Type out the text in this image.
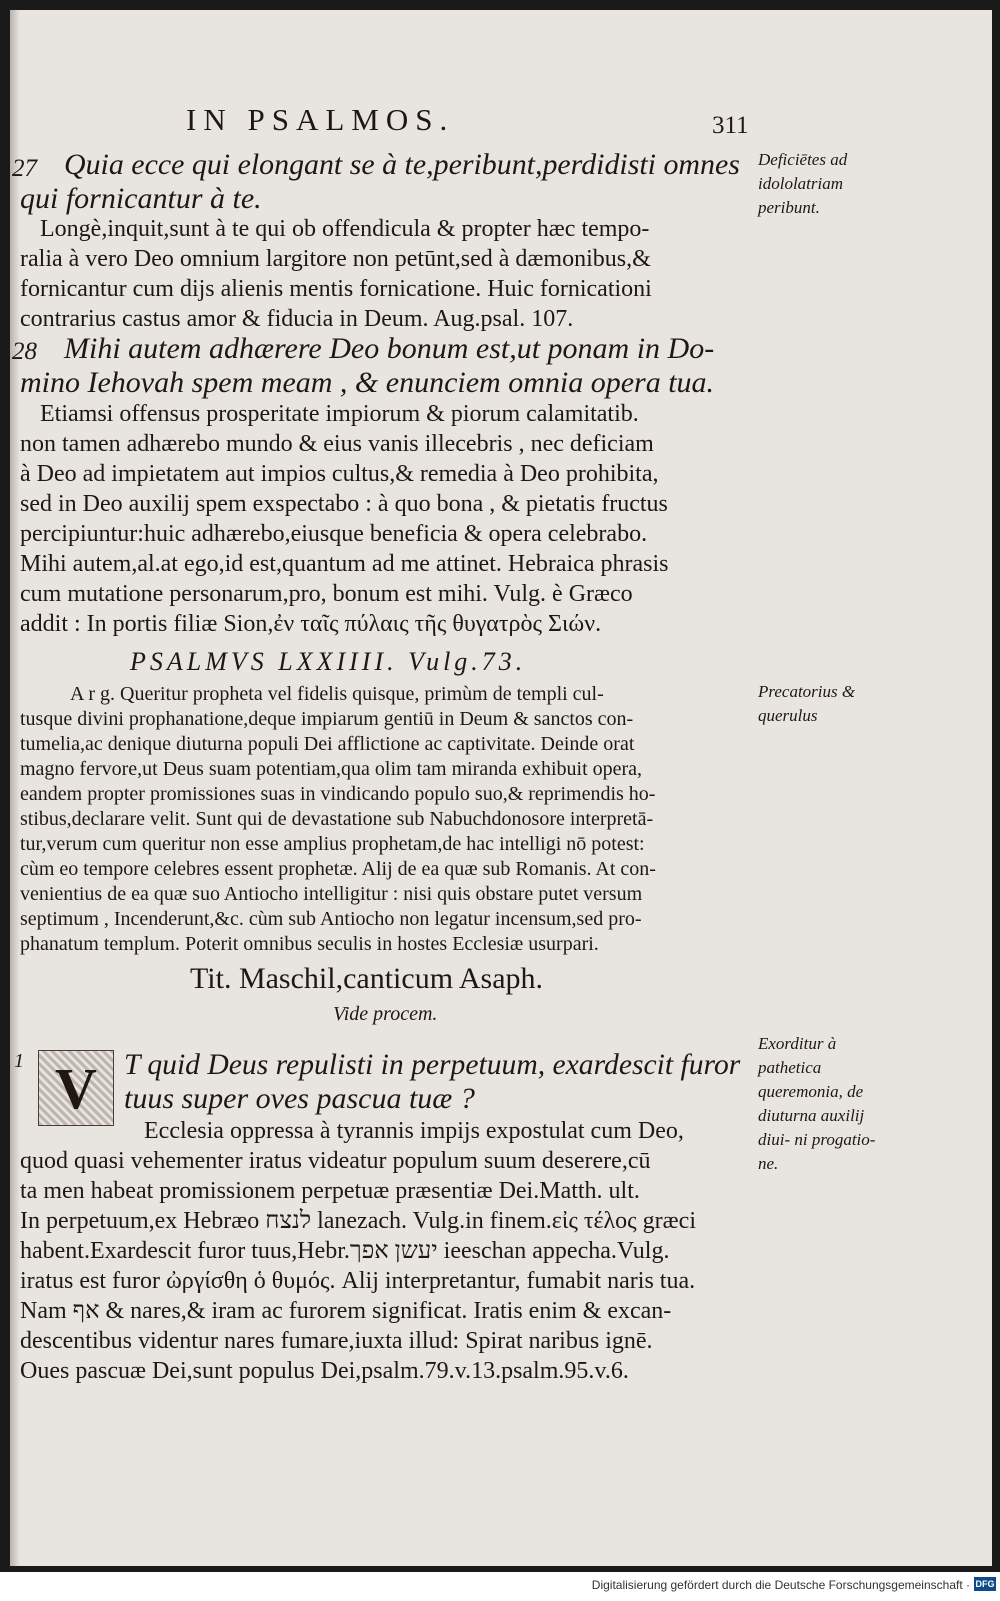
IN PSALMOS.	311
27 Quia ecce qui elongant se à te,peribunt,perdidisti omnes
qui fornicantur à te.
Longè,inquit,sunt à te qui ob offendicula & propter hæc tempo-
ralia à vero Deo omnium largitore non petūnt,sed à dæmonibus,&
fornicantur cum dijs alienis mentis fornicatione. Huic fornicationi
contrarius castus amor & fiducia in Deum. Aug.psal. 107.
28 Mihi autem adhærere Deo bonum est,ut ponam in Do-
mino Iehovah spem meam , & enunciem omnia opera tua.
Etiamsi offensus prosperitate impiorum & piorum calamitatib.
non tamen adhærebo mundo & eius vanis illecebris , nec deficiam
à Deo ad impietatem aut impios cultus,& remedia à Deo prohibita,
sed in Deo auxilij spem exspectabo : à quo bona , & pietatis fructus
percipiuntur:huic adhærebo,eiusque beneficia & opera celebrabo.
Mihi autem,al.at ego,id est,quantum ad me attinet. Hebraica phrasis
cum mutatione personarum,pro, bonum est mihi. Vulg. è Græco
addit : In portis filiæ Sion,ἐν ταῖς πύλαις τῆς θυγατρὸς Σιών.
PSALMVS LXXIIII. Vulg.73.
A r g. Queritur propheta vel fidelis quisque, primùm de templi cul-
tusque divini prophanatione,deque impiarum gentiū in Deum & sanctos con-
tumelia,ac denique diuturna populi Dei afflictione ac captivitate. Deinde orat
magno fervore,ut Deus suam potentiam,qua olim tam miranda exhibuit opera,
eandem propter promissiones suas in vindicando populo suo,& reprimendis ho-
stibus,declarare velit. Sunt qui de devastatione sub Nabuchdonosore interpretā-
tur,verum cum queritur non esse amplius prophetam,de hac intelligi nō potest:
cùm eo tempore celebres essent prophetæ. Alij de ea quæ sub Romanis. At con-
venientius de ea quæ suo Antiocho intelligitur : nisi quis obstare putet versum
septimum , Incenderunt,&c. cùm sub Antiocho non legatur incensum,sed pro-
phanatum templum. Poterit omnibus seculis in hostes Ecclesiæ usurpari.
Tit. Maschil,canticum Asaph.
Vide procem.
1 V T quid Deus repulisti in perpetuum, exardescit furor
tuus super oves pascua tuæ ?
Ecclesia oppressa à tyrannis impijs expostulat cum Deo,
quod quasi vehementer iratus videatur populum suum deserere,cū
ta men habeat promissionem perpetuæ præsentiæ Dei.Matth. ult.
In perpetuum,ex Hebræo לנצח lanezach. Vulg.in finem.εἰς τέλος græci
habent.Exardescit furor tuus,Hebr.יעשן אפך ieeschan appecha.Vulg.
iratus est furor ὠργίσθη ὁ θυμός. Alij interpretantur, fumabit naris tua.
Nam אף & nares,& iram ac furorem significat. Iratis enim & excan-
descentibus videntur nares fumare,iuxta illud: Spirat naribus ignē.
Oues pascuæ Dei,sunt populus Dei,psalm.79.v.13.psalm.95.v.6.
Deficiētes ad idololatriam peribunt.
Precatorius & querulus
Exorditur à pathetica queremonia, de diuturna auxilij diui- ni progatio- ne.
Digitalisierung gefördert durch die Deutsche Forschungsgemeinschaft · DFG
